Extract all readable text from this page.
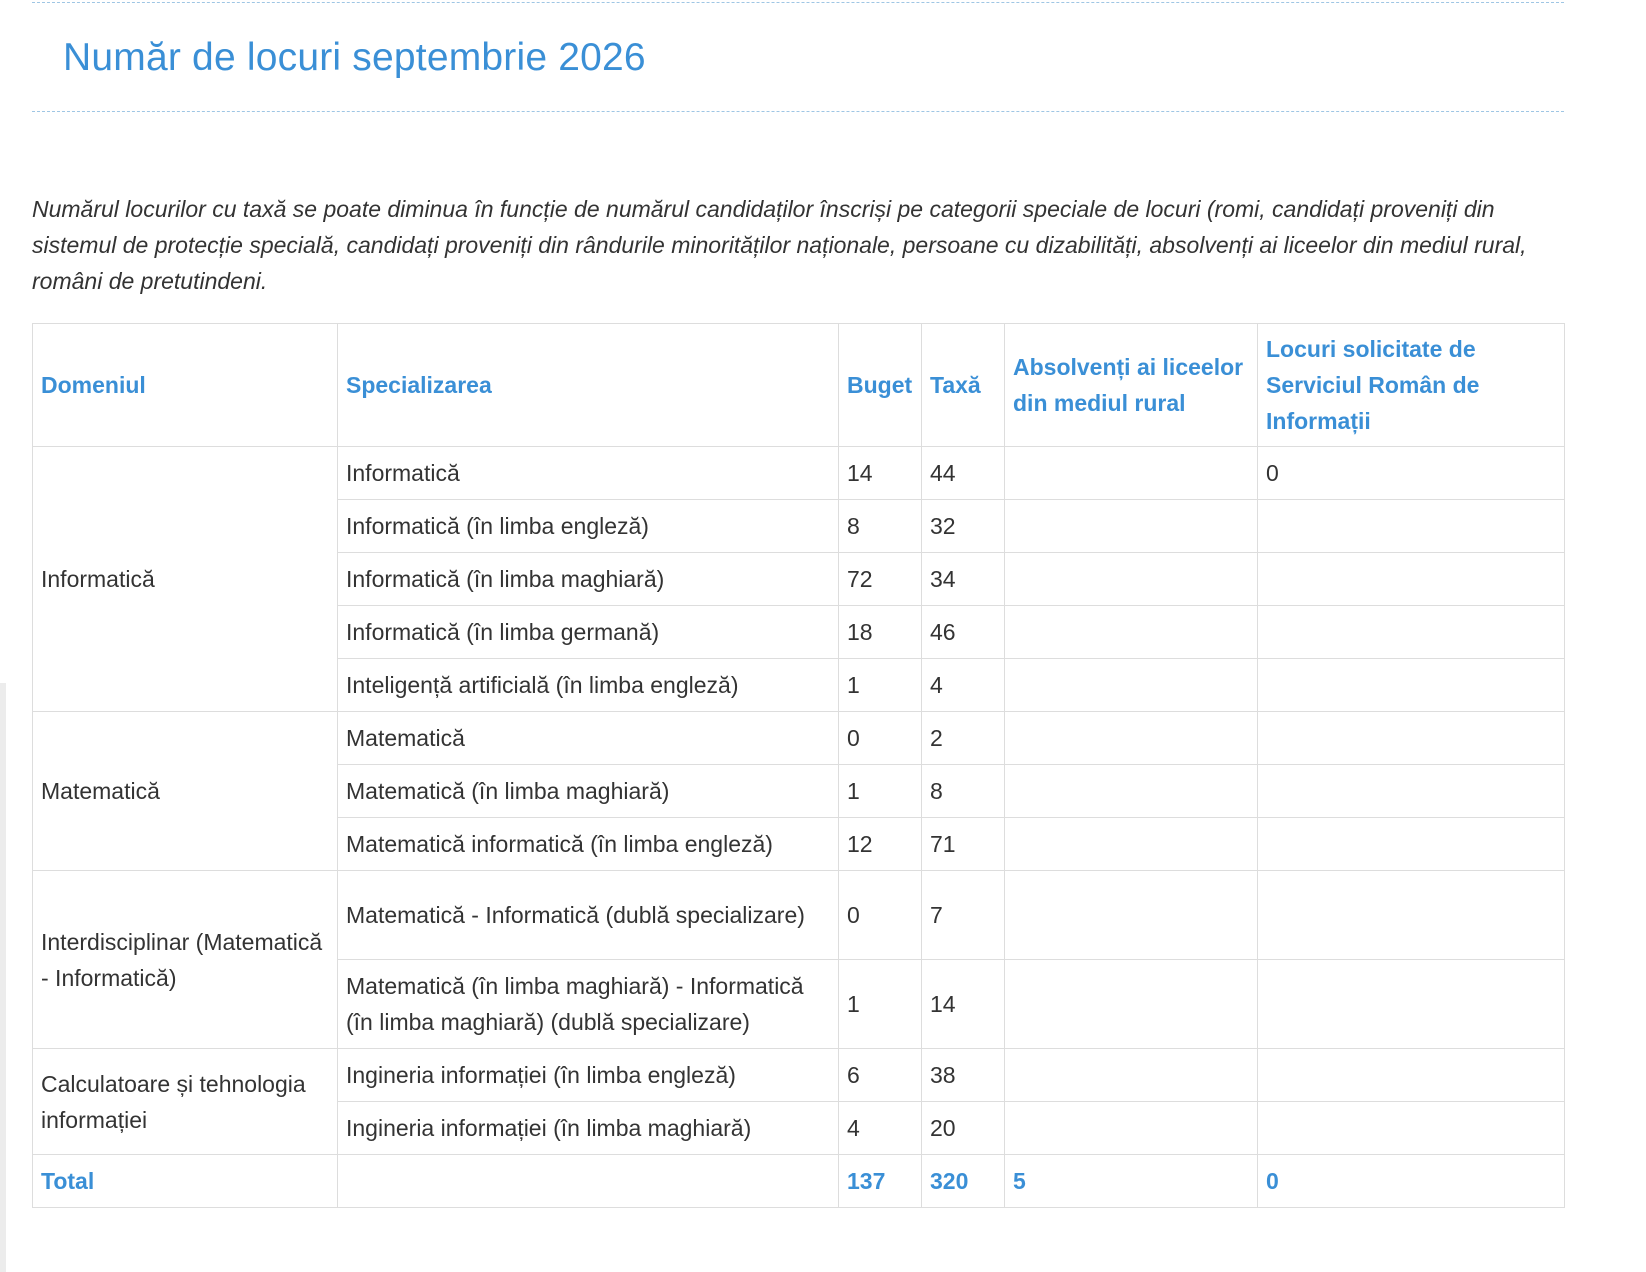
Număr de locuri septembrie 2026

Numărul locurilor cu taxă se poate diminua în funcție de numărul candidaților înscriși pe categorii speciale de locuri (romi, candidați proveniți din sistemul de protecție specială, candidați proveniți din rândurile minorităților naționale, persoane cu dizabilități, absolvenți ai liceelor din mediul rural, români de pretutindeni.

Domeniul	Specializarea	Buget	Taxă	Absolvenți ai liceelor din mediul rural	Locuri solicitate de Serviciul Român de Informații
Informatică	Informatică	14	44		0
	Informatică (în limba engleză)	8	32		
	Informatică (în limba maghiară)	72	34		
	Informatică (în limba germană)	18	46		
	Inteligență artificială (în limba engleză)	1	4		
Matematică	Matematică	0	2		
	Matematică (în limba maghiară)	1	8		
	Matematică informatică (în limba engleză)	12	71		
Interdisciplinar (Matematică - Informatică)	Matematică - Informatică (dublă specializare)	0	7		
	Matematică (în limba maghiară) - Informatică (în limba maghiară) (dublă specializare)	1	14		
Calculatoare și tehnologia informației	Ingineria informației (în limba engleză)	6	38		
	Ingineria informației (în limba maghiară)	4	20		
Total		137	320	5	0
